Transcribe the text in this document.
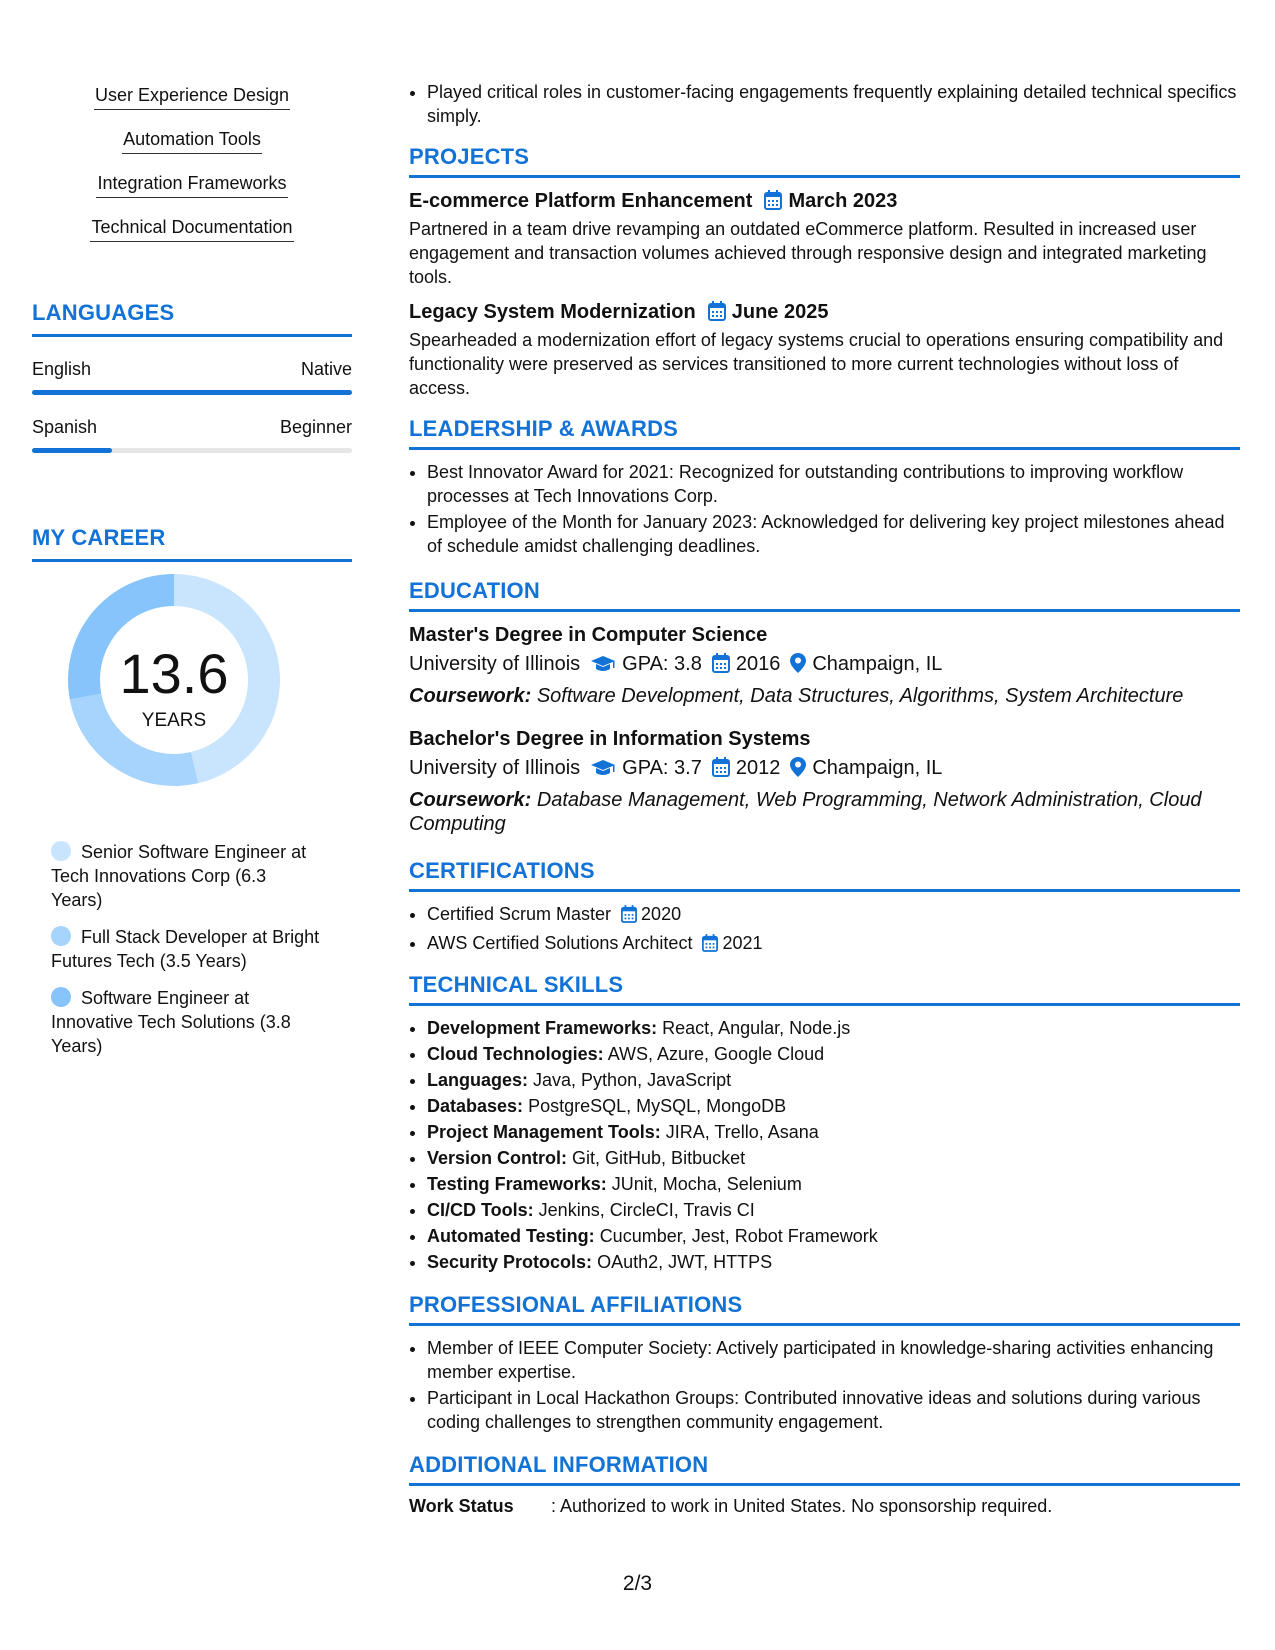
User Experience Design
Automation Tools
Integration Frameworks
Technical Documentation
LANGUAGES
English	Native
Spanish	Beginner
MY CAREER
13.6
YEARS
Senior Software Engineer at Tech Innovations Corp (6.3 Years)
Full Stack Developer at Bright Futures Tech (3.5 Years)
Software Engineer at Innovative Tech Solutions (3.8 Years)
• Played critical roles in customer-facing engagements frequently explaining detailed technical specifics simply.
PROJECTS
E-commerce Platform Enhancement March 2023
Partnered in a team drive revamping an outdated eCommerce platform. Resulted in increased user engagement and transaction volumes achieved through responsive design and integrated marketing tools.
Legacy System Modernization June 2025
Spearheaded a modernization effort of legacy systems crucial to operations ensuring compatibility and functionality were preserved as services transitioned to more current technologies without loss of access.
LEADERSHIP & AWARDS
• Best Innovator Award for 2021: Recognized for outstanding contributions to improving workflow processes at Tech Innovations Corp.
• Employee of the Month for January 2023: Acknowledged for delivering key project milestones ahead of schedule amidst challenging deadlines.
EDUCATION
Master's Degree in Computer Science
University of Illinois GPA: 3.8 2016 Champaign, IL
Coursework: Software Development, Data Structures, Algorithms, System Architecture
Bachelor's Degree in Information Systems
University of Illinois GPA: 3.7 2012 Champaign, IL
Coursework: Database Management, Web Programming, Network Administration, Cloud Computing
CERTIFICATIONS
• Certified Scrum Master 2020
• AWS Certified Solutions Architect 2021
TECHNICAL SKILLS
• Development Frameworks: React, Angular, Node.js
• Cloud Technologies: AWS, Azure, Google Cloud
• Languages: Java, Python, JavaScript
• Databases: PostgreSQL, MySQL, MongoDB
• Project Management Tools: JIRA, Trello, Asana
• Version Control: Git, GitHub, Bitbucket
• Testing Frameworks: JUnit, Mocha, Selenium
• CI/CD Tools: Jenkins, CircleCI, Travis CI
• Automated Testing: Cucumber, Jest, Robot Framework
• Security Protocols: OAuth2, JWT, HTTPS
PROFESSIONAL AFFILIATIONS
• Member of IEEE Computer Society: Actively participated in knowledge-sharing activities enhancing member expertise.
• Participant in Local Hackathon Groups: Contributed innovative ideas and solutions during various coding challenges to strengthen community engagement.
ADDITIONAL INFORMATION
Work Status	: Authorized to work in United States. No sponsorship required.
2/3
